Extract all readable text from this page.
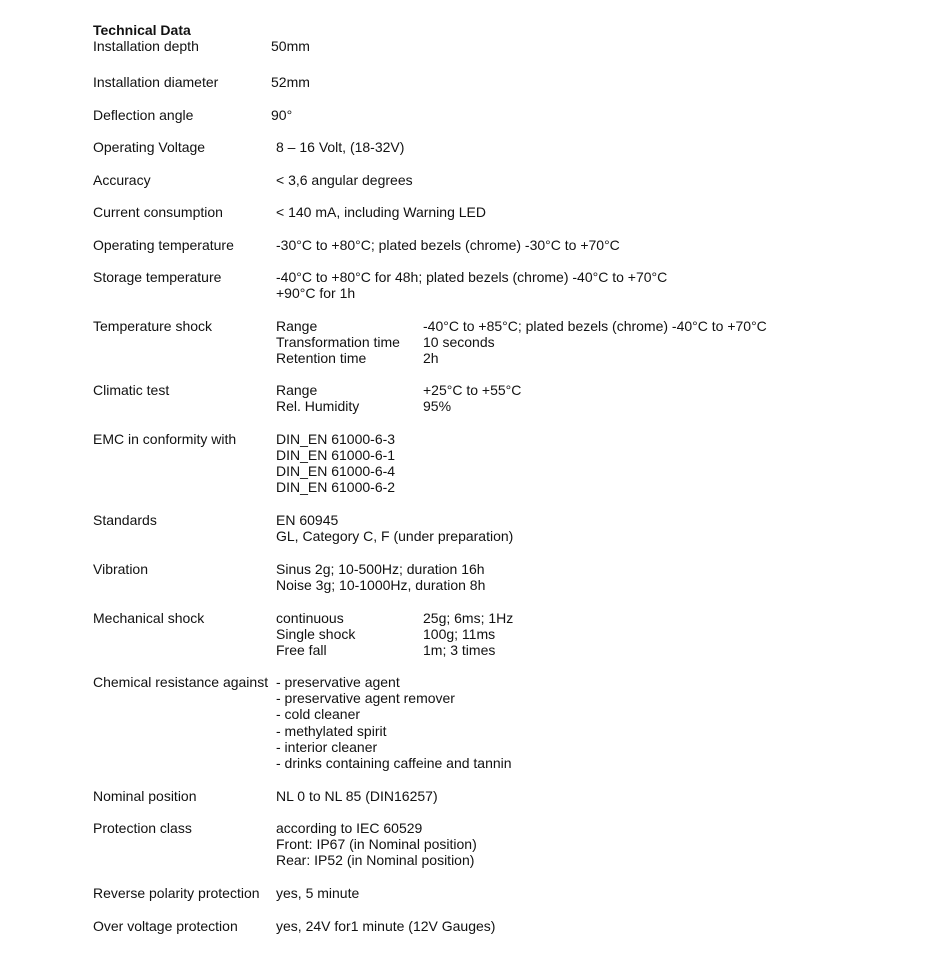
Technical Data
Installation depth	50mm
Installation diameter	52mm
Deflection angle	90°
Operating Voltage	8 – 16 Volt, (18-32V)
Accuracy	< 3,6 angular degrees
Current consumption	< 140 mA, including Warning LED
Operating temperature	-30°C to +80°C; plated bezels (chrome) -30°C to +70°C
Storage temperature	-40°C to +80°C for 48h; plated bezels (chrome) -40°C to +70°C
+90°C for 1h
Temperature shock	Range	-40°C to +85°C; plated bezels (chrome) -40°C to +70°C
Transformation time 10 seconds
Retention time	2h
Climatic test	Range	+25°C to +55°C
Rel. Humidity	95%
EMC in conformity with	DIN_EN 61000-6-3
DIN_EN 61000-6-1
DIN_EN 61000-6-4
DIN_EN 61000-6-2
Standards	EN 60945
GL, Category C, F (under preparation)
Vibration	Sinus 2g; 10-500Hz; duration 16h
Noise 3g; 10-1000Hz, duration 8h
Mechanical shock	continuous	25g; 6ms; 1Hz
Single shock	100g; 11ms
Free fall	1m; 3 times
Chemical resistance against - preservative agent
- preservative agent remover
- cold cleaner
- methylated spirit
- interior cleaner
- drinks containing caffeine and tannin
Nominal position	NL 0 to NL 85 (DIN16257)
Protection class	according to IEC 60529
Front: IP67 (in Nominal position)
Rear: IP52 (in Nominal position)
Reverse polarity protection yes, 5 minute
Over voltage protection	yes, 24V for1 minute (12V Gauges)
